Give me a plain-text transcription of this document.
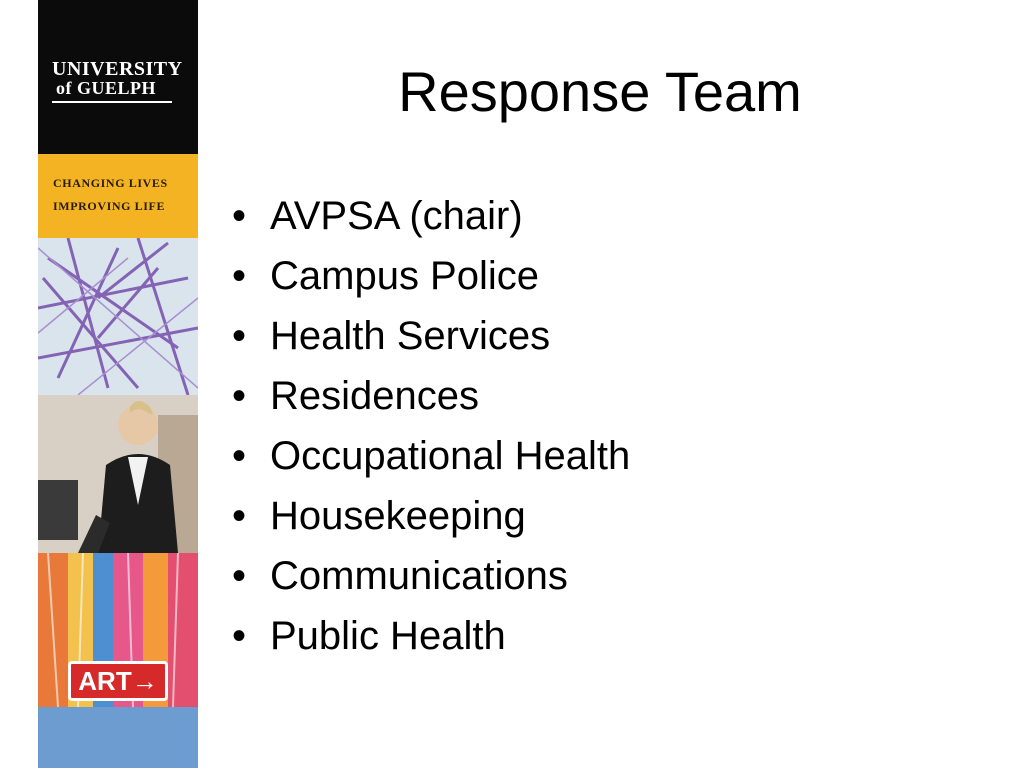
UNIVERSITY
of GUELPH
CHANGING LIVES
IMPROVING LIFE
ART→
Response Team
• AVPSA (chair)
• Campus Police
• Health Services
• Residences
• Occupational Health
• Housekeeping
• Communications
• Public Health
